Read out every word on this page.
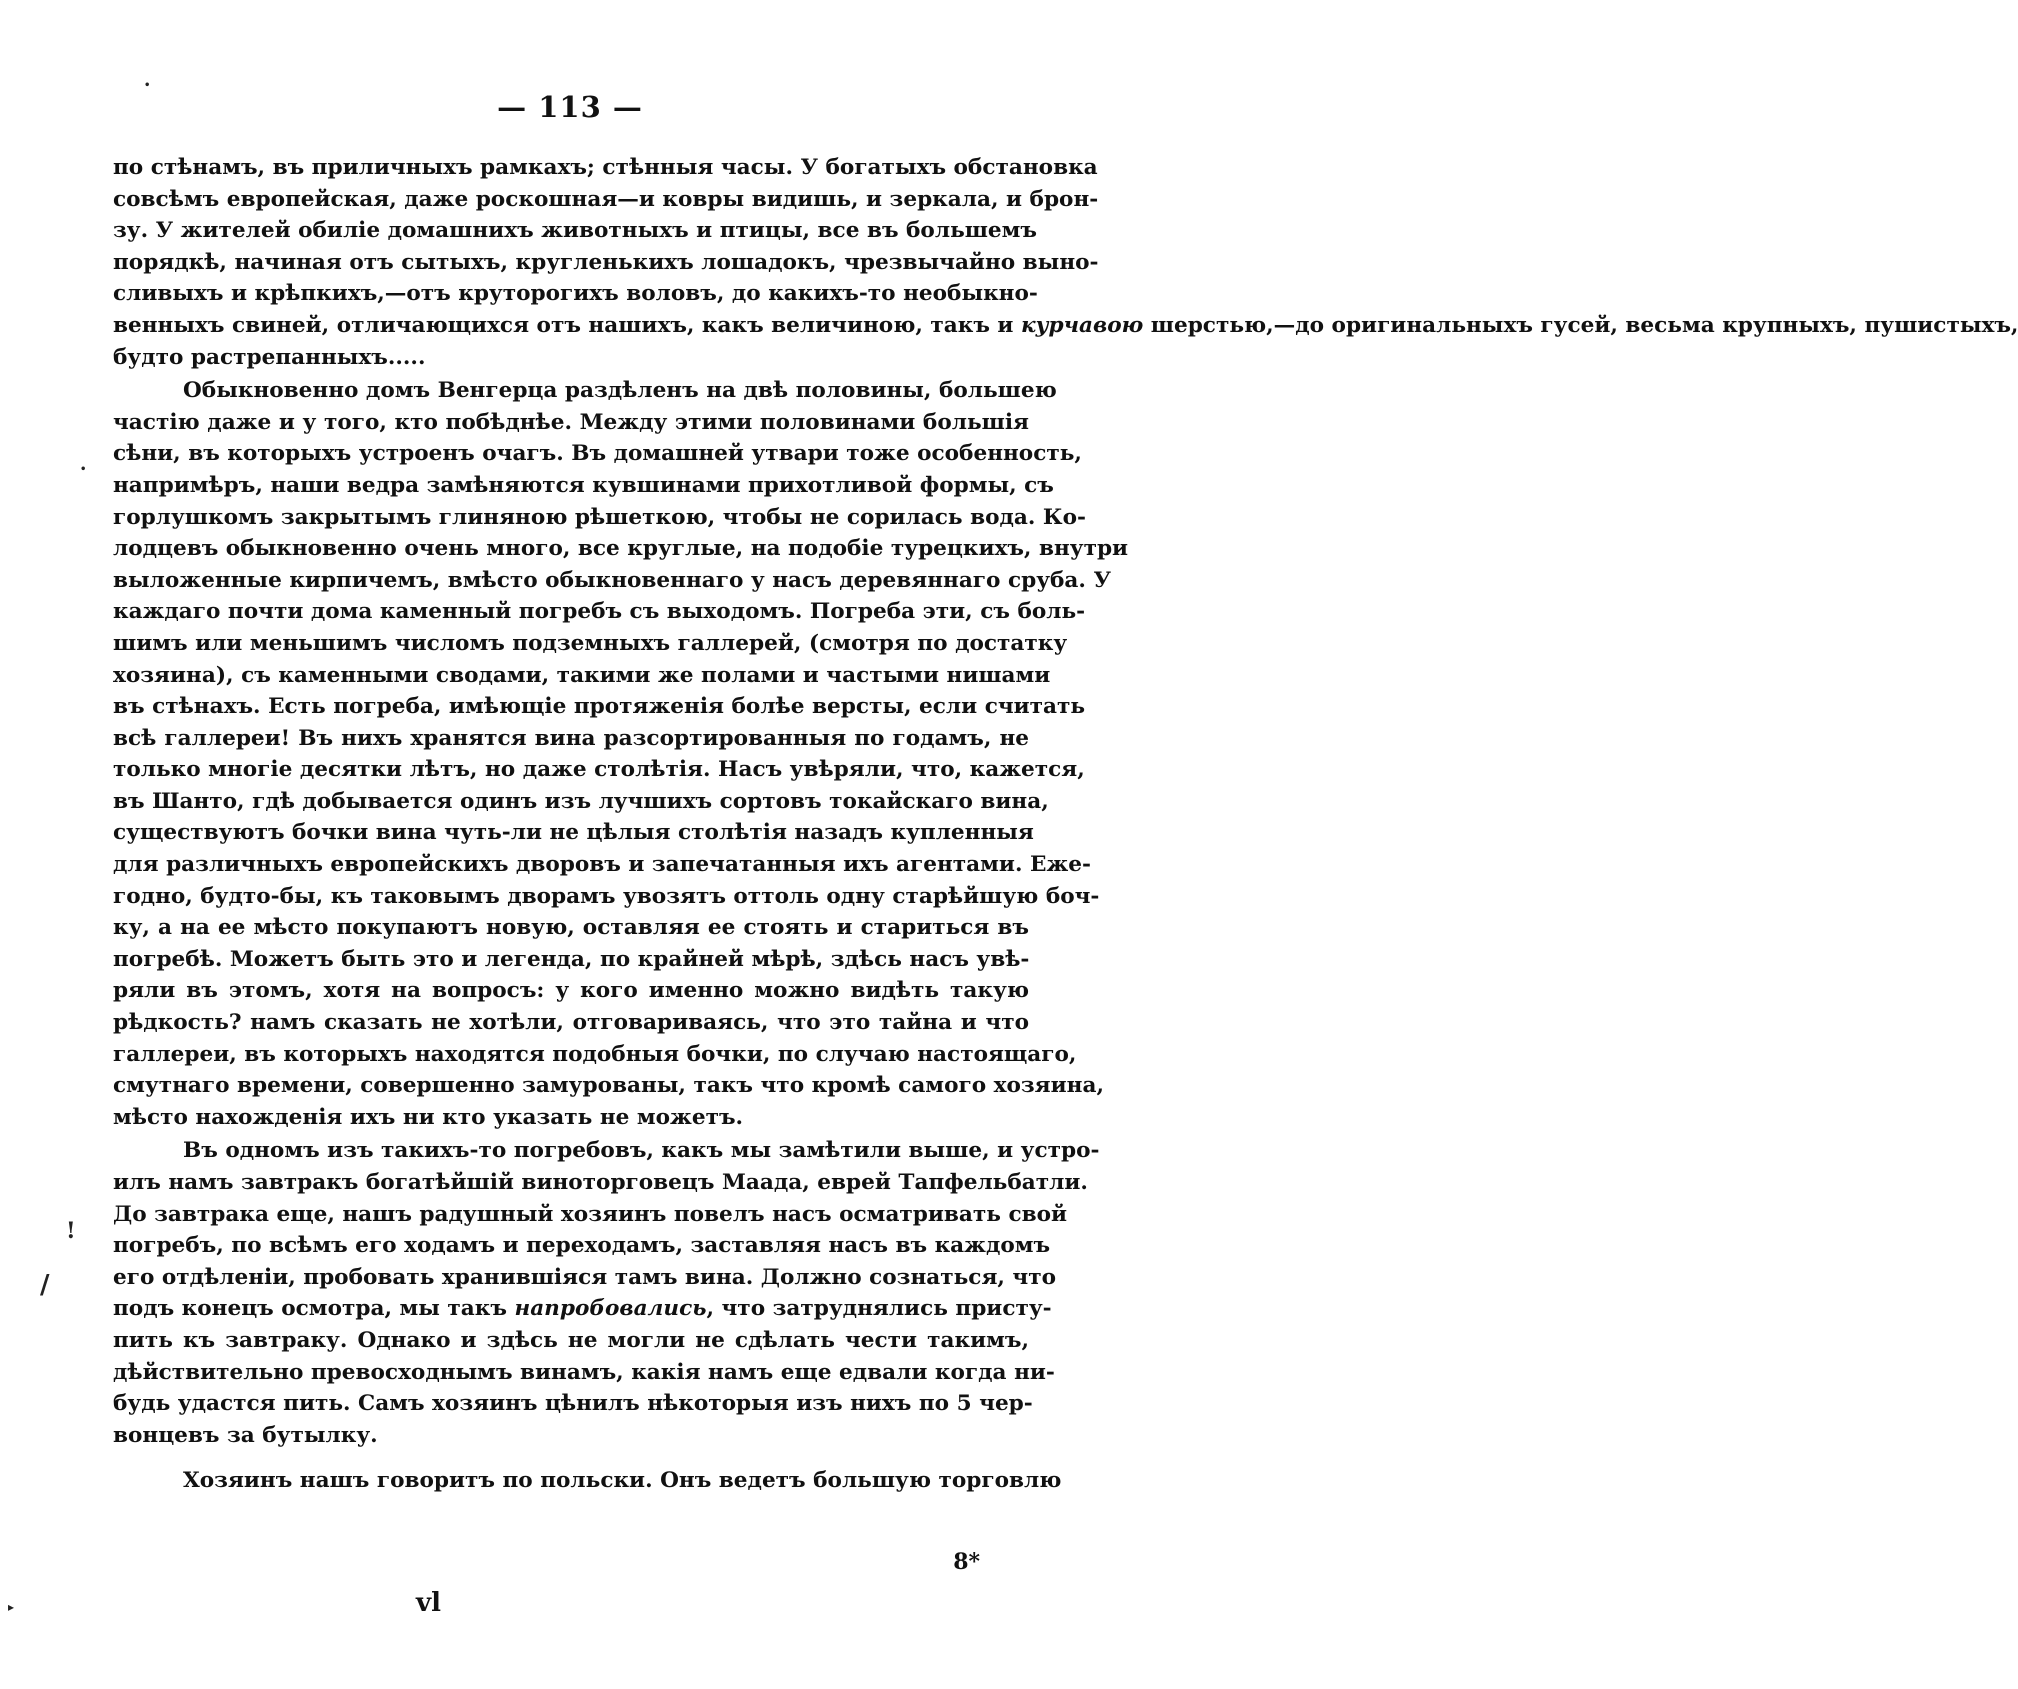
— 113 —

по стѣнамъ, въ приличныхъ рамкахъ; стѣнныя часы. У богатыхъ обстановка
совсѣмъ европейская, даже роскошная—и ковры видишь, и зеркала, и брон-
зу. У жителей обиліе домашнихъ животныхъ и птицы, все въ большемъ
порядкѣ, начиная отъ сытыхъ, кругленькихъ лошадокъ, чрезвычайно выно-
сливыхъ и крѣпкихъ,—отъ круторогихъ воловъ, до какихъ-то необыкно-
венныхъ свиней, отличающихся отъ нашихъ, какъ величиною, такъ и курчавою шерстью,—до оригинальныхъ гусей, весьма крупныхъ, пушистыхъ,
будто растрепанныхъ.....

Обыкновенно домъ Венгерца раздѣленъ на двѣ половины, большею
частію даже и у того, кто побѣднѣе. Между этими половинами большія
сѣни, въ которыхъ устроенъ очагъ. Въ домашней утвари тоже особенность,
напримѣръ, наши ведра замѣняются кувшинами прихотливой формы, съ
горлушкомъ закрытымъ глиняною рѣшеткою, чтобы не сорилась вода. Ко-
лодцевъ обыкновенно очень много, все круглые, на подобіе турецкихъ, внутри
выложенные кирпичемъ, вмѣсто обыкновеннаго у насъ деревяннаго сруба. У
каждаго почти дома каменный погребъ съ выходомъ. Погреба эти, съ боль-
шимъ или меньшимъ числомъ подземныхъ галлерей, (смотря по достатку
хозяина), съ каменными сводами, такими же полами и частыми нишами
въ стѣнахъ. Есть погреба, имѣющіе протяженія болѣе версты, если считать
всѣ галлереи! Въ нихъ хранятся вина разсортированныя по годамъ, не
только многіе десятки лѣтъ, но даже столѣтія. Насъ увѣряли, что, кажется,
въ Шанто, гдѣ добывается одинъ изъ лучшихъ сортовъ токайскаго вина,
существуютъ бочки вина чуть-ли не цѣлыя столѣтія назадъ купленныя
для различныхъ европейскихъ дворовъ и запечатанныя ихъ агентами. Еже-
годно, будто-бы, къ таковымъ дворамъ увозятъ оттоль одну старѣйшую боч-
ку, а на ее мѣсто покупаютъ новую, оставляя ее стоять и стариться въ
погребѣ. Можетъ быть это и легенда, по крайней мѣрѣ, здѣсь насъ увѣ-
ряли въ этомъ, хотя на вопросъ: у кого именно можно видѣть такую
рѣдкость? намъ сказать не хотѣли, отговариваясь, что это тайна и что
галлереи, въ которыхъ находятся подобныя бочки, по случаю настоящаго,
смутнаго времени, совершенно замурованы, такъ что кромѣ самого хозяина,
мѣсто нахожденія ихъ ни кто указать не можетъ.

Въ одномъ изъ такихъ-то погребовъ, какъ мы замѣтили выше, и устро-
илъ намъ завтракъ богатѣйшій виноторговецъ Маада, еврей Тапфельбатли.
До завтрака еще, нашъ радушный хозяинъ повелъ насъ осматривать свой
погребъ, по всѣмъ его ходамъ и переходамъ, заставляя насъ въ каждомъ
его отдѣленіи, пробовать хранившіяся тамъ вина. Должно сознаться, что
подъ конецъ осмотра, мы такъ напробовались, что затруднялись присту-
пить къ завтраку. Однако и здѣсь не могли не сдѣлать чести такимъ,
дѣйствительно превосходнымъ винамъ, какія намъ еще едвали когда ни-
будь удастся пить. Самъ хозяинъ цѣнилъ нѣкоторыя изъ нихъ по 5 чер-
вонцевъ за бутылку.

Хозяинъ нашъ говоритъ по польски. Онъ ведетъ большую торговлю

8*
vl
•
•
!
/
▸
